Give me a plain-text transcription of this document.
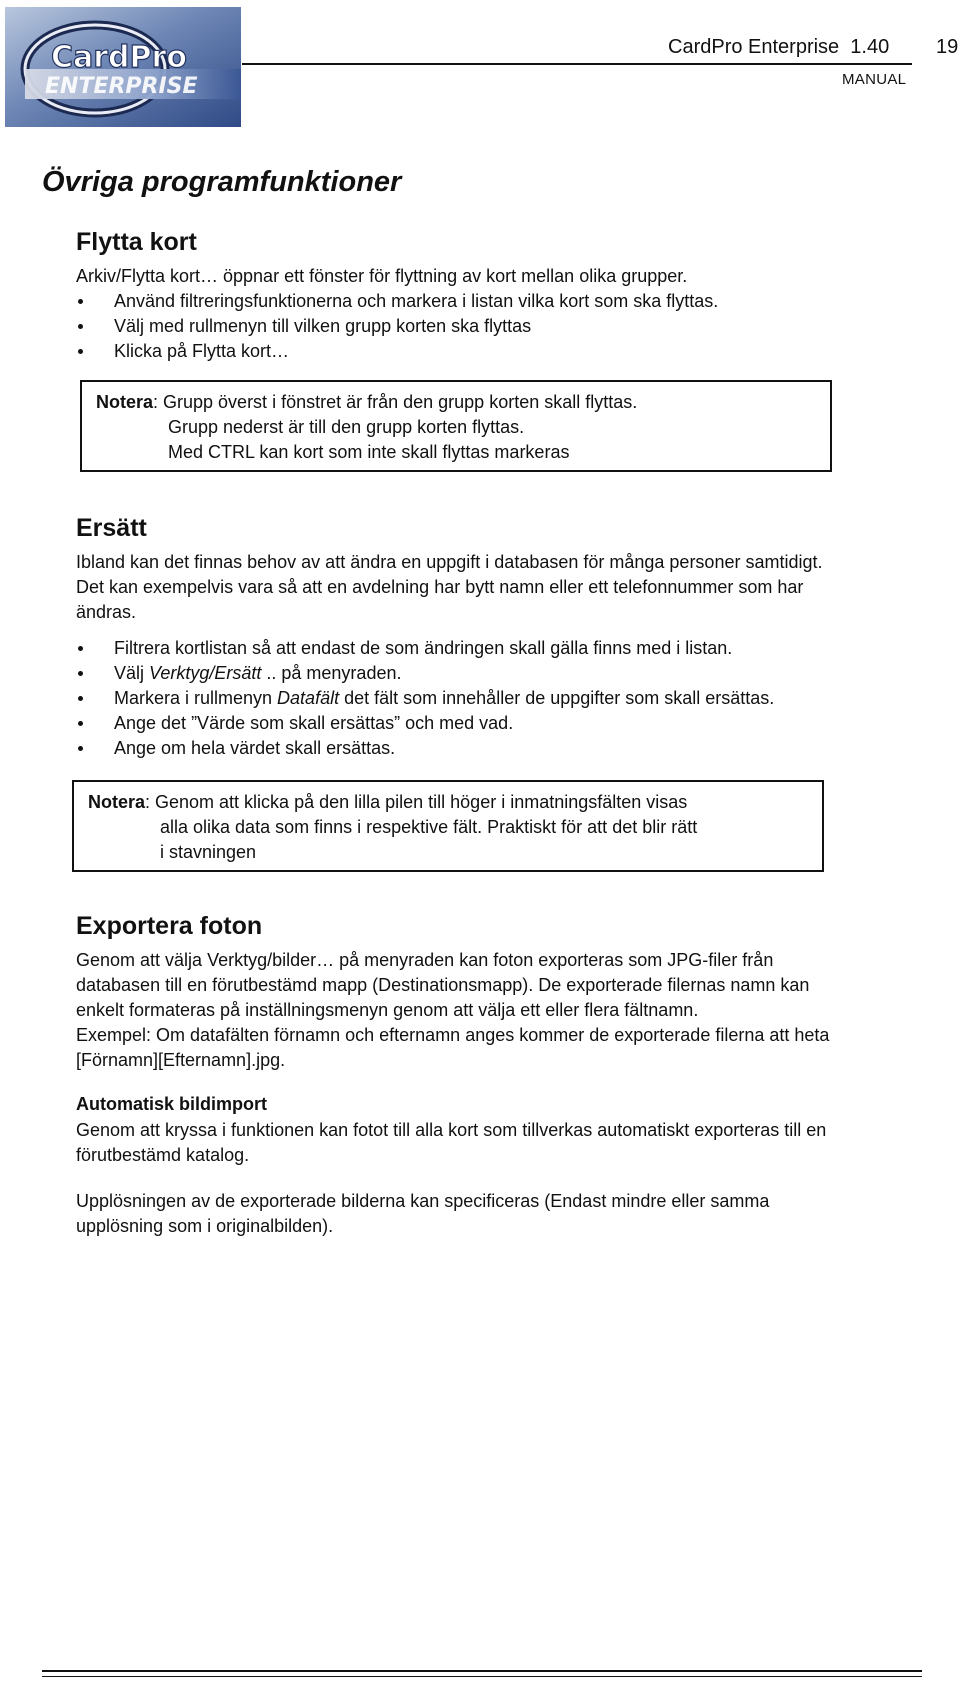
CardPro
ENTERPRISE
CardPro Enterprise  1.40 19
MANUAL
Övriga programfunktioner
Flytta kort

Arkiv/Flytta kort… öppnar ett fönster för flyttning av kort mellan olika grupper.

Använd filtreringsfunktionerna och markera i listan vilka kort som ska flyttas.
Välj med rullmenyn till vilken grupp korten ska flyttas
Klicka på Flytta kort…
Notera: Grupp överst i fönstret är från den grupp korten skall flyttas.
Grupp nederst är till den grupp korten flyttas.
Med CTRL kan kort som inte skall flyttas markeras
Ersätt

Ibland kan det finnas behov av att ändra en uppgift i databasen för många personer samtidigt.
Det kan exempelvis vara så att en avdelning har bytt namn eller ett telefonnummer som har
ändras.

Filtrera kortlistan så att endast de som ändringen skall gälla finns med i listan.
Välj Verktyg/Ersätt .. på menyraden.
Markera i rullmenyn Datafält det fält som innehåller de uppgifter som skall ersättas.
Ange det ”Värde som skall ersättas” och med vad.
Ange om hela värdet skall ersättas.
Notera: Genom att klicka på den lilla pilen till höger i inmatningsfälten visas
alla olika data som finns i respektive fält. Praktiskt för att det blir rätt
i stavningen
Exportera foton

Genom att välja Verktyg/bilder… på menyraden kan foton exporteras som JPG-filer från
databasen till en förutbestämd mapp (Destinationsmapp). De exporterade filernas namn kan
enkelt formateras på inställningsmenyn genom att välja ett eller flera fältnamn.
Exempel: Om datafälten förnamn och efternamn anges kommer de exporterade filerna att heta
[Förnamn][Efternamn].jpg.

Automatisk bildimport

Genom att kryssa i funktionen kan fotot till alla kort som tillverkas automatiskt exporteras till en
förutbestämd katalog.

Upplösningen av de exporterade bilderna kan specificeras (Endast mindre eller samma
upplösning som i originalbilden).
